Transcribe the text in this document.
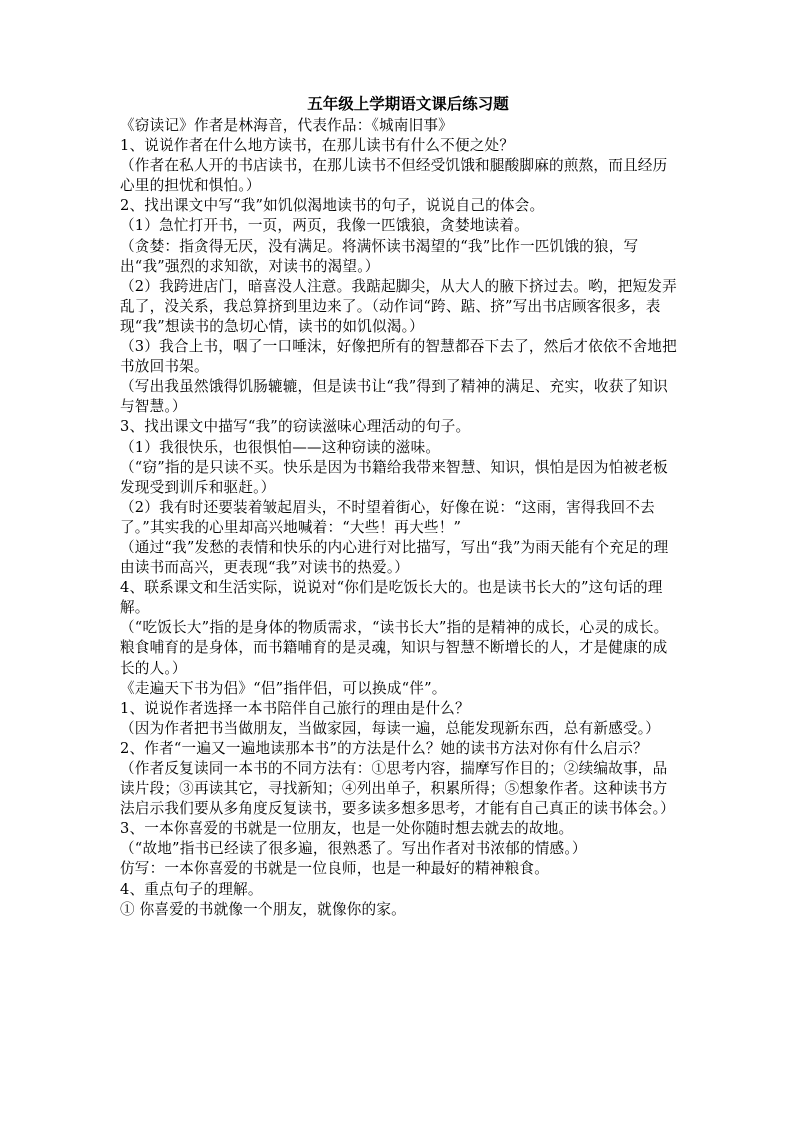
五年级上学期语文课后练习题
《窃读记》作者是林海音，代表作品：《城南旧事》
1、说说作者在什么地方读书，在那儿读书有什么不便之处？
（作者在私人开的书店读书，在那儿读书不但经受饥饿和腿酸脚麻的煎熬，而且经历心里的担忧和惧怕。）
2、找出课文中写“我”如饥似渴地读书的句子，说说自己的体会。
（1）急忙打开书，一页，两页，我像一匹饿狼，贪婪地读着。
（贪婪：指贪得无厌，没有满足。将满怀读书渴望的“我”比作一匹饥饿的狼，写出“我”强烈的求知欲，对读书的渴望。）
（2）我跨进店门，暗喜没人注意。我踮起脚尖，从大人的腋下挤过去。哟，把短发弄乱了，没关系，我总算挤到里边来了。（动作词“跨、踮、挤”写出书店顾客很多，表现“我”想读书的急切心情，读书的如饥似渴。）
（3）我合上书，咽了一口唾沫，好像把所有的智慧都吞下去了，然后才依依不舍地把书放回书架。
（写出我虽然饿得饥肠辘辘，但是读书让“我”得到了精神的满足、充实，收获了知识与智慧。）
3、找出课文中描写“我”的窃读滋味心理活动的句子。
（1）我很快乐，也很惧怕——这种窃读的滋味。
（“窃”指的是只读不买。快乐是因为书籍给我带来智慧、知识，惧怕是因为怕被老板发现受到训斥和驱赶。）
（2）我有时还要装着皱起眉头，不时望着街心，好像在说：“这雨，害得我回不去了。”其实我的心里却高兴地喊着：“大些！再大些！”
（通过“我”发愁的表情和快乐的内心进行对比描写，写出“我”为雨天能有个充足的理由读书而高兴，更表现“我”对读书的热爱。）
4、联系课文和生活实际，说说对“你们是吃饭长大的。也是读书长大的”这句话的理解。
（“吃饭长大”指的是身体的物质需求，“读书长大”指的是精神的成长，心灵的成长。粮食哺育的是身体，而书籍哺育的是灵魂，知识与智慧不断增长的人，才是健康的成长的人。）
《走遍天下书为侣》“侣”指伴侣，可以换成“伴”。
1、说说作者选择一本书陪伴自己旅行的理由是什么？
（因为作者把书当做朋友，当做家园，每读一遍，总能发现新东西，总有新感受。）
2、作者“一遍又一遍地读那本书”的方法是什么？她的读书方法对你有什么启示？
（作者反复读同一本书的不同方法有：①思考内容，揣摩写作目的；②续编故事，品读片段；③再读其它，寻找新知；④列出单子，积累所得；⑤想象作者。这种读书方法启示我们要从多角度反复读书，要多读多想多思考，才能有自己真正的读书体会。）
3、一本你喜爱的书就是一位朋友，也是一处你随时想去就去的故地。
（“故地”指书已经读了很多遍，很熟悉了。写出作者对书浓郁的情感。）
仿写：一本你喜爱的书就是一位良师，也是一种最好的精神粮食。
4、重点句子的理解。
① 你喜爱的书就像一个朋友，就像你的家。
